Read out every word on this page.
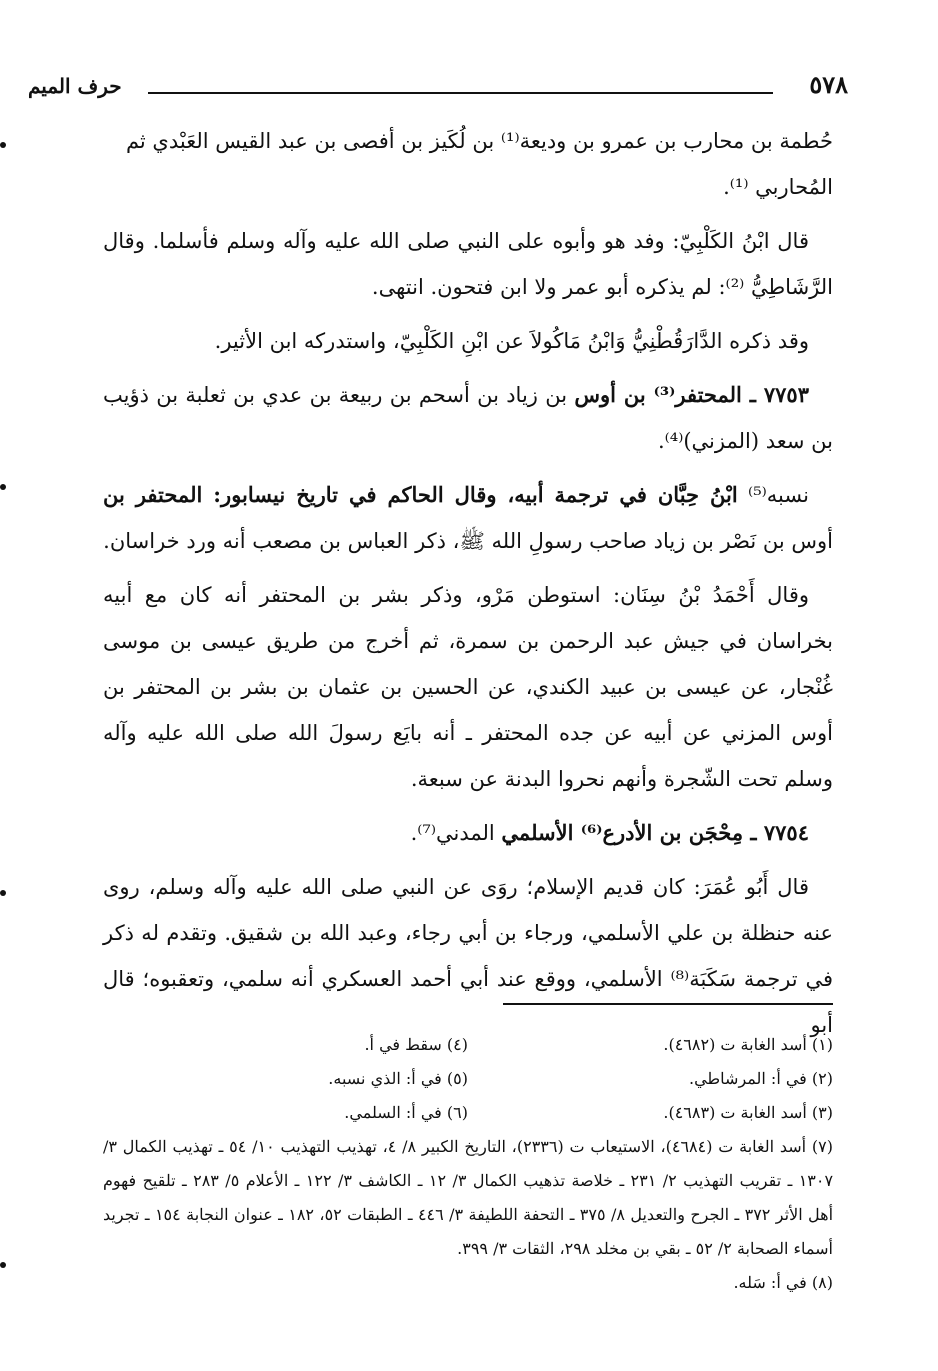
٥٧٨
حرف الميم

حُطمة بن محارب بن عمرو بن وديعة⁽¹⁾ بن لُكَيز بن أفصى بن عبد القيس العَبْدي ثم
المُحاربي ⁽¹⁾.

قال ابْنُ الكَلْبِيّ: وفد هو وأبوه على النبي صلى الله عليه وآله وسلم فأسلما. وقال الرَّشَاطِيُّ ⁽²⁾: لم يذكره أبو عمر ولا ابن فتحون. انتهى.

وقد ذكره الدَّارَقُطْنِيُّ وَابْنُ مَاكُولاَ عن ابْنِ الكَلْبِيّ، واستدركه ابن الأثير.

٧٧٥٣ ـ المحتفر⁽³⁾ بن أوس بن زياد بن أسحم بن ربيعة بن عدي بن ثعلبة بن ذؤيب بن سعد (المزني)⁽⁴⁾.

نسبه⁽⁵⁾ ابْنُ حِبَّان في ترجمة أبيه، وقال الحاكم في تاريخ نيسابور: المحتفر بن أوس بن نَصْر بن زياد صاحب رسولِ الله ﷺ، ذكر العباس بن مصعب أنه ورد خراسان.

وقال أَحْمَدُ بْنُ سِنَان: استوطن مَرْو، وذكر بشر بن المحتفر أنه كان مع أبيه بخراسان في جيش عبد الرحمن بن سمرة، ثم أخرج من طريق عيسى بن موسى غُنْجار، عن عيسى بن عبيد الكندي، عن الحسين بن عثمان بن بشر بن المحتفر بن أوس المزني عن أبيه عن جده المحتفر ـ أنه بايَع رسولَ الله صلى الله عليه وآله وسلم تحت الشّجرة وأنهم نحروا البدنة عن سبعة.

٧٧٥٤ ـ مِحْجَن بن الأدرع⁽⁶⁾ الأسلمي المدني⁽⁷⁾.

قال أَبُو عُمَرَ: كان قديم الإسلام؛ روَى عن النبي صلى الله عليه وآله وسلم، روى عنه حنظلة بن علي الأسلمي، ورجاء بن أبي رجاء، وعبد الله بن شقيق. وتقدم له ذكر في ترجمة سَكَبَة⁽⁸⁾ الأسلمي، ووقع عند أبي أحمد العسكري أنه سلمي، وتعقبوه؛ قال أبو

(١) أسد الغابة ت (٤٦٨٢).

(٢) في أ: المرشاطي.

(٣) أسد الغابة ت (٤٦٨٣).

(٤) سقط في أ.

(٥) في أ: الذي نسبه.

(٦) في أ: السلمي.

(٧) أسد الغابة ت (٤٦٨٤)، الاستيعاب ت (٢٣٣٦)، التاريخ الكبير ٨/ ٤، تهذيب التهذيب ١٠/ ٥٤ ـ تهذيب الكمال ٣/ ١٣٠٧ ـ تقريب التهذيب ٢/ ٢٣١ ـ خلاصة تذهيب الكمال ٣/ ١٢ ـ الكاشف ٣/ ١٢٢ ـ الأعلام ٥/ ٢٨٣ ـ تلقيح فهوم أهل الأثر ٣٧٢ ـ الجرح والتعديل ٨/ ٣٧٥ ـ التحفة اللطيفة ٣/ ٤٤٦ ـ الطبقات ٥٢، ١٨٢ ـ عنوان النجابة ١٥٤ ـ تجريد أسماء الصحابة ٢/ ٥٢ ـ بقي بن مخلد ٢٩٨، الثقات ٣/ ٣٩٩.

(٨) في أ: سَله.
